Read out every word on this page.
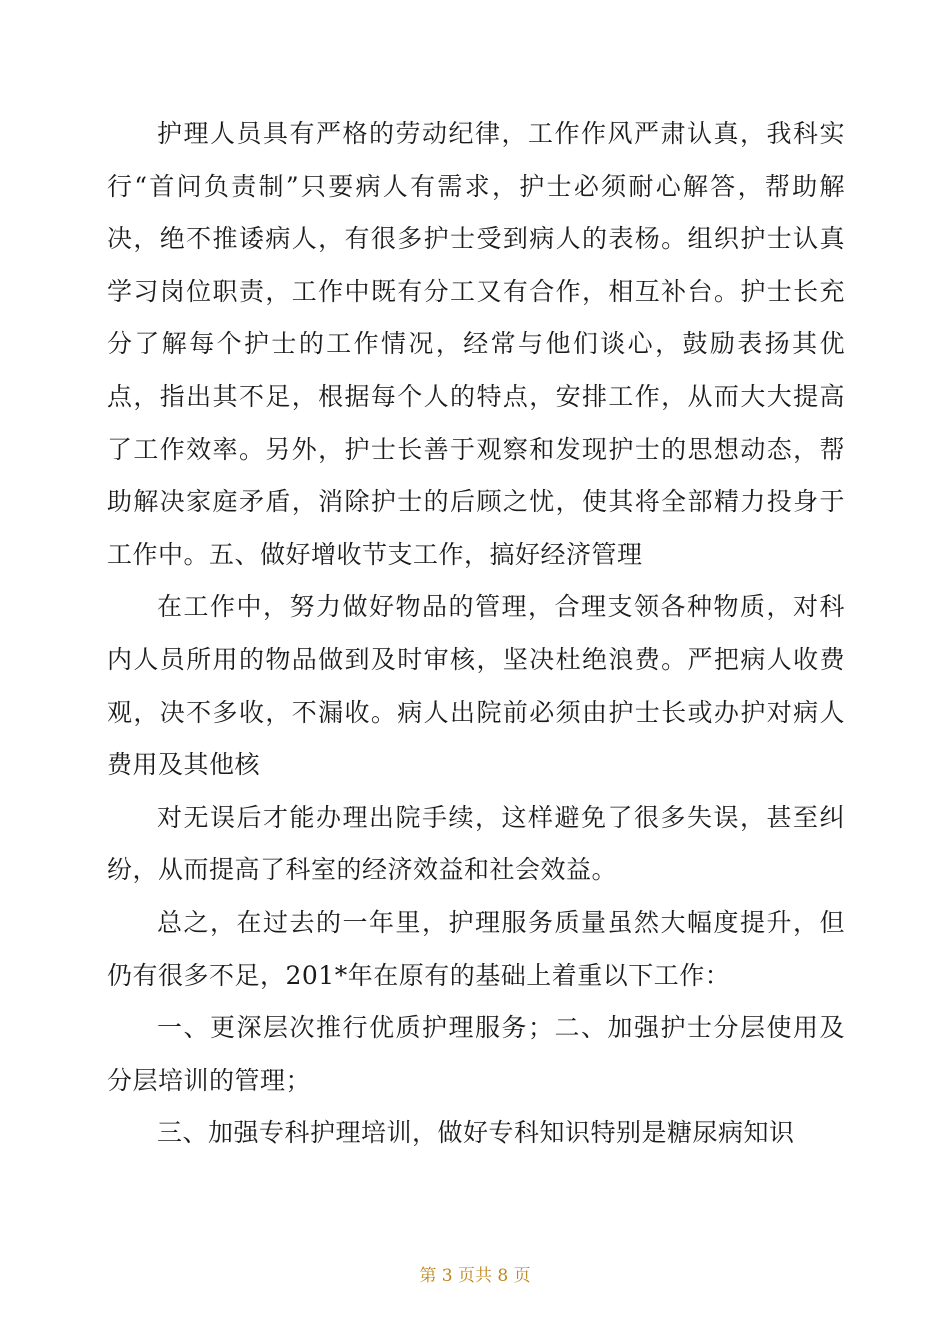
护理人员具有严格的劳动纪律，工作作风严肃认真，我科实行“首问负责制”只要病人有需求，护士必须耐心解答，帮助解决，绝不推诿病人，有很多护士受到病人的表杨。组织护士认真学习岗位职责，工作中既有分工又有合作，相互补台。护士长充分了解每个护士的工作情况，经常与他们谈心，鼓励表扬其优点，指出其不足，根据每个人的特点，安排工作，从而大大提高了工作效率。另外，护士长善于观察和发现护士的思想动态，帮助解决家庭矛盾，消除护士的后顾之忧，使其将全部精力投身于工作中。五、做好增收节支工作，搞好经济管理

在工作中，努力做好物品的管理，合理支领各种物质，对科内人员所用的物品做到及时审核，坚决杜绝浪费。严把病人收费观，决不多收，不漏收。病人出院前必须由护士长或办护对病人费用及其他核

对无误后才能办理出院手续，这样避免了很多失误，甚至纠纷，从而提高了科室的经济效益和社会效益。

总之，在过去的一年里，护理服务质量虽然大幅度提升，但仍有很多不足，201*年在原有的基础上着重以下工作：

一、更深层次推行优质护理服务；二、加强护士分层使用及分层培训的管理；

三、加强专科护理培训，做好专科知识特别是糖尿病知识

第 3 页共 8 页
